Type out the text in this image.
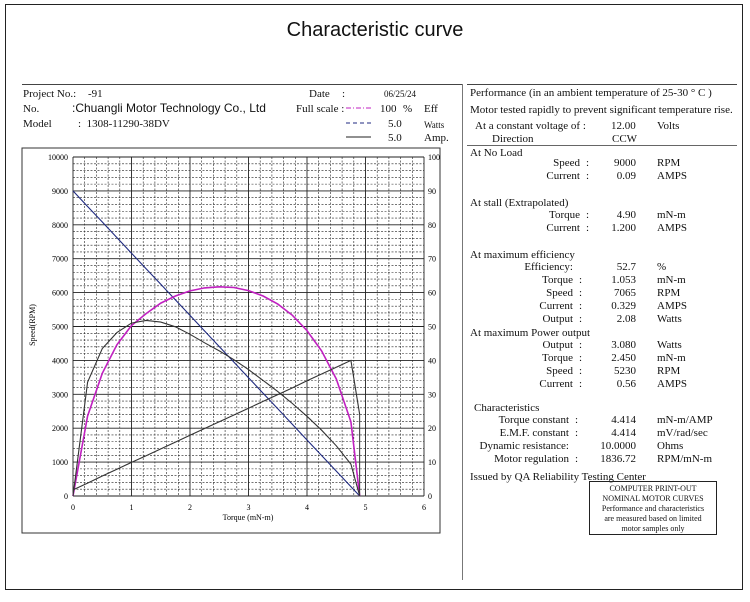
Characteristic curve
Project No.: -91
No.	:Chuangli Motor Technology Co., Ltd
Model :  1308-11290-38DV
Date :	06/25/24
Full scale :	100 % Eff
5.0 Watts
5.0 Amp.
0	1	2	3	4	5	6
0
1000
2000
3000
4000
5000
6000
7000
8000
9000
10000
0
10
20
30
40
50
60
70
80
90
100
Torque (mN-m)
Speed(RPM)
Performance (in an ambient temperature of 25-30 ° C )
Motor tested rapidly to prevent significant temperature rise.
At a constant voltage of : 12.00 Volts
Direction	CCW
At No Load
At stall (Extrapolated)
At maximum efficiency
At maximum Power output
Characteristics
Issued by QA Reliability Testing Center
Speed : 9000 RPM
Current :	0.09 AMPS
Torque :	4.90 mN-m
Current : 1.200 AMPS
Efficiency:	52.7 %
Torque :	1.053 mN-m
Speed :	7065 RPM
Current :	0.329 AMPS
Output :	2.08 Watts
Output :	3.080 Watts
Torque :	2.450 mN-m
Speed :	5230 RPM
Current :	0.56 AMPS
Torque constant :	4.414 mN-m/AMP
E.M.F. constant :	4.414 mV/rad/sec
Dynamic resistance:	10.0000 Ohms
Motor regulation : 1836.72 RPM/mN-m
COMPUTER PRINT-OUT
NOMINAL MOTOR CURVES
Performance and characteristics
are measured based on limited
motor samples only
